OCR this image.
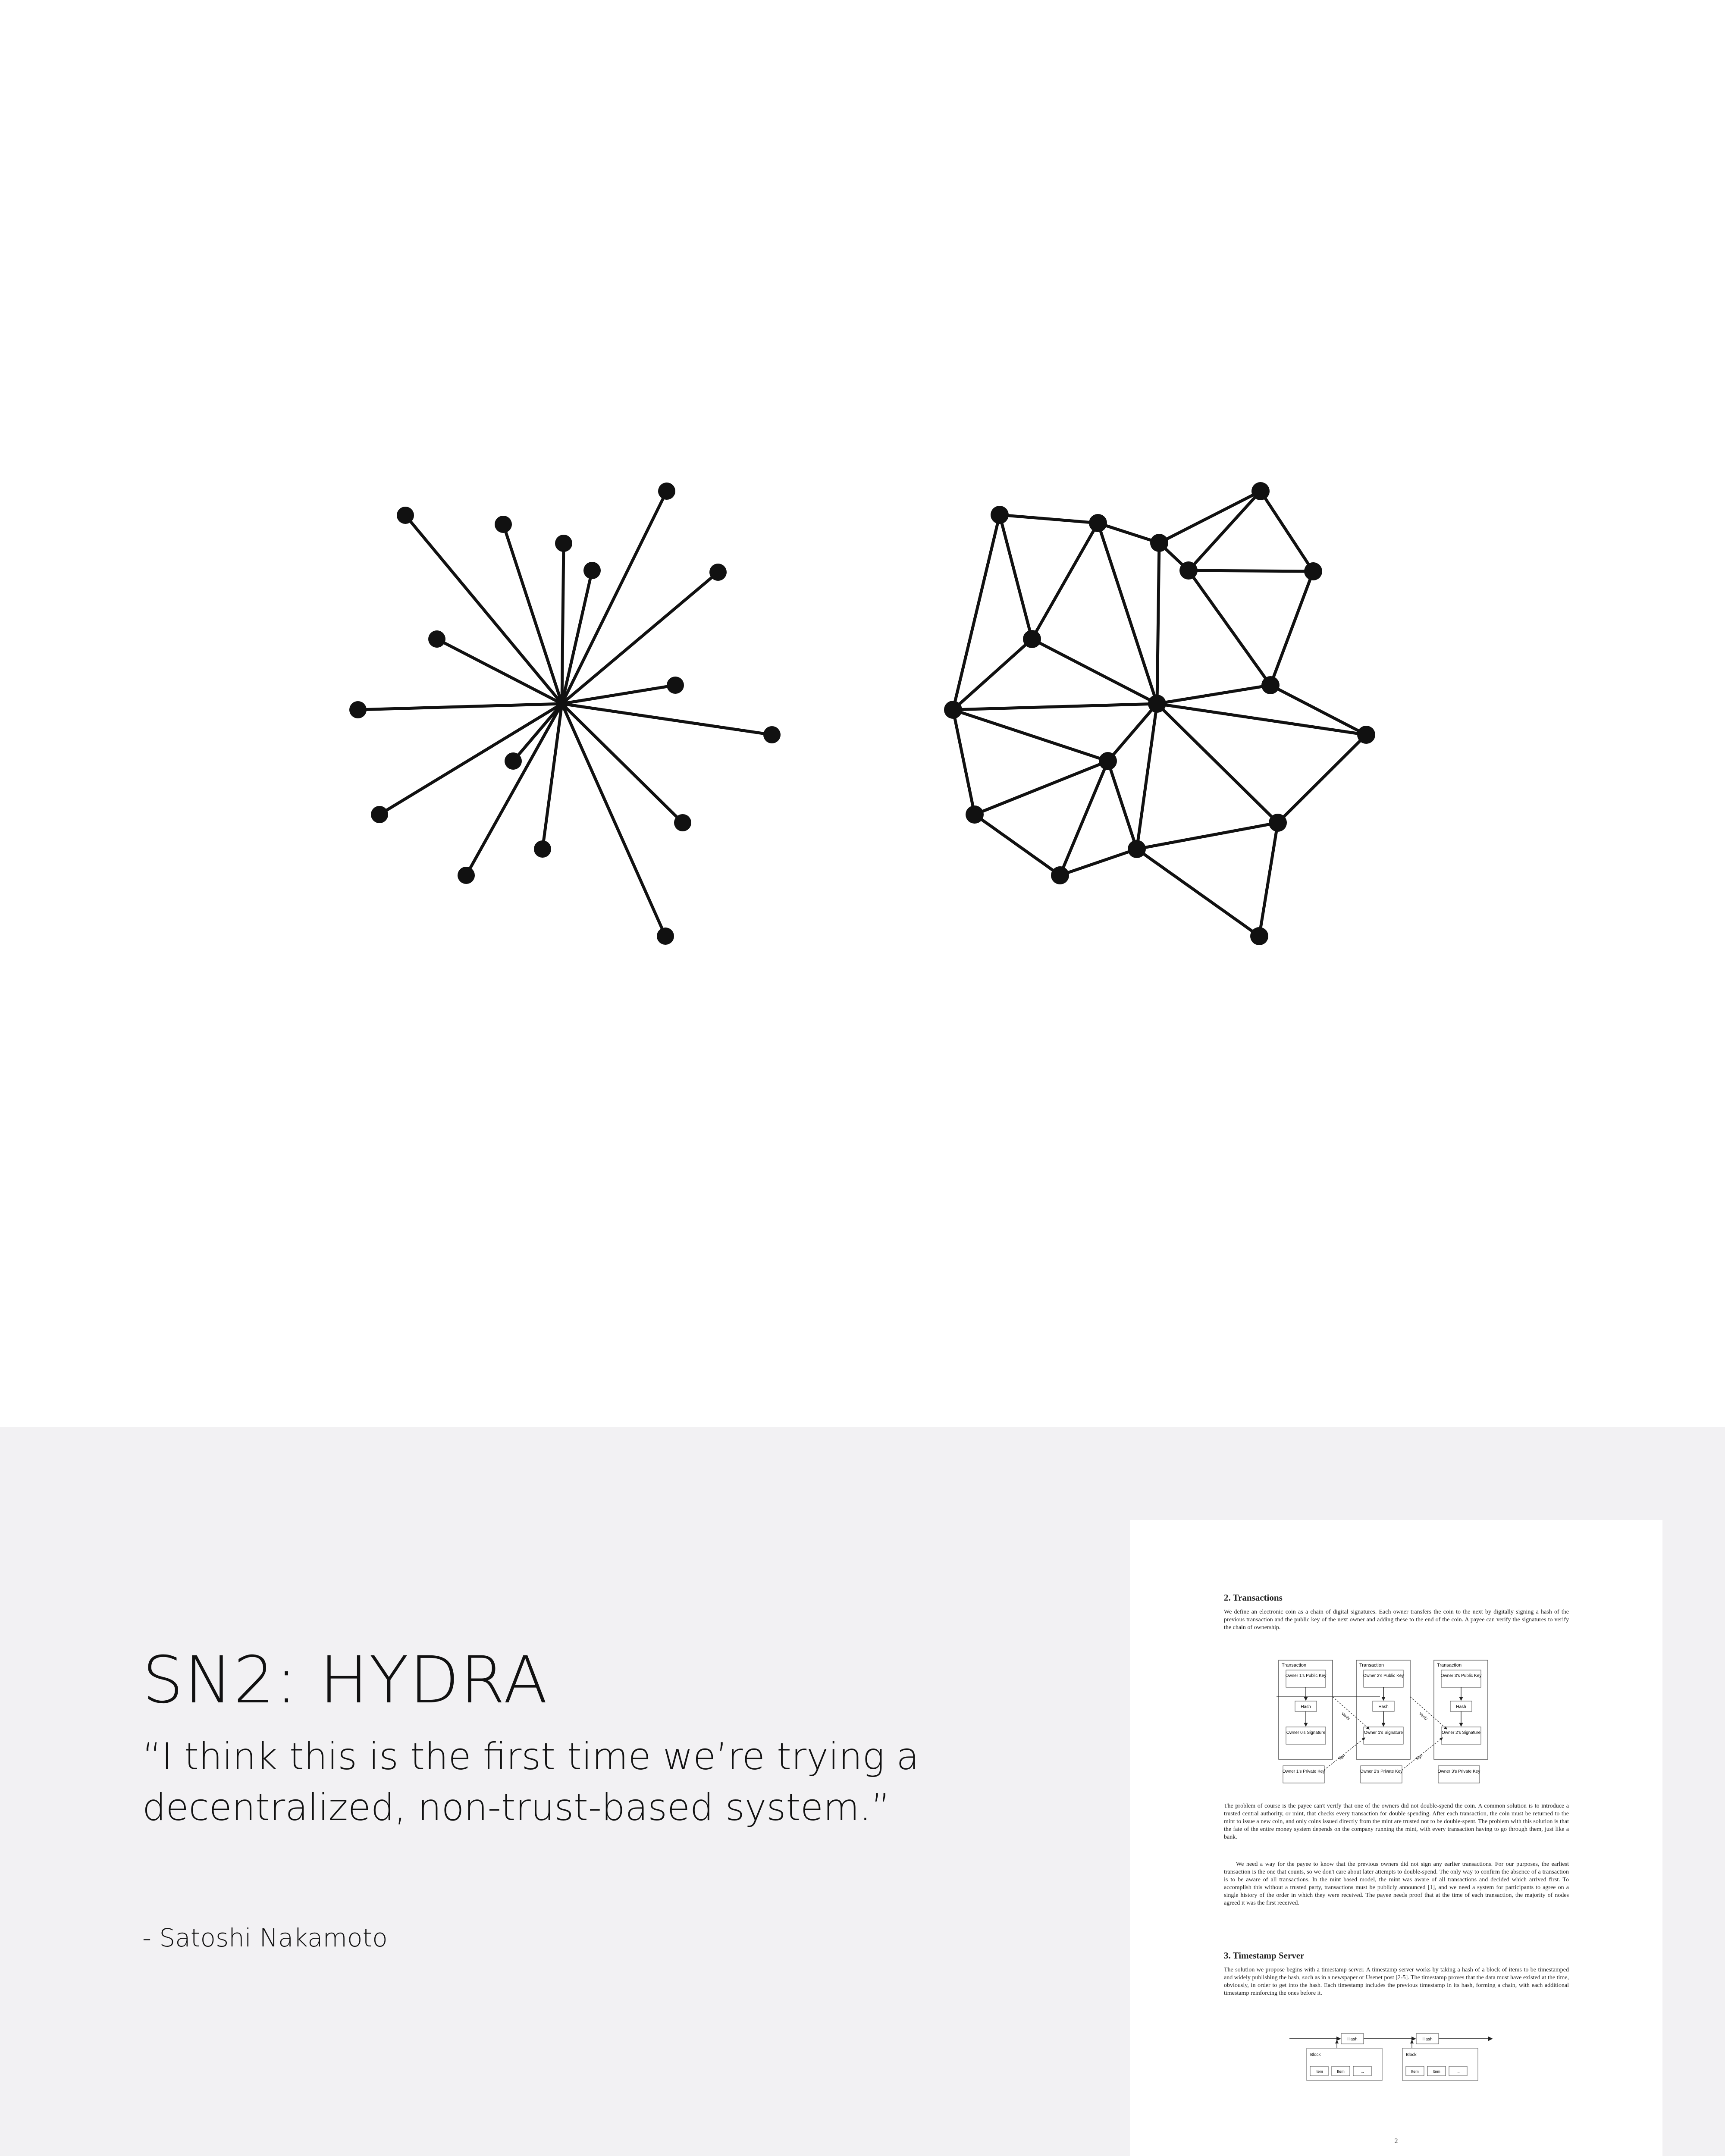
SN2: HYDRA
“I think this is the first time we’re trying a
decentralized, non-trust-based system.”
- Satoshi Nakamoto
2. Transactions
We define an electronic coin as a chain of digital signatures. Each owner transfers the coin to the next by digitally signing a hash of the previous transaction and the public key of the next owner and adding these to the end of the coin. A payee can verify the signatures to verify the chain of ownership.
Transaction	Transaction	Transaction
Owner 1's Public Key	Owner 2's Public Key	Owner 3's Public Key
Hash	Hash	Hash
Owner 0's Signature	Owner 1's Signature	Owner 2's Signature
Verify	Verify
Sign	Sign
Owner 1's Private Key	Owner 2's Private Key	Owner 3's Private Key
The problem of course is the payee can't verify that one of the owners did not double-spend the coin. A common solution is to introduce a trusted central authority, or mint, that checks every transaction for double spending. After each transaction, the coin must be returned to the mint to issue a new coin, and only coins issued directly from the mint are trusted not to be double-spent. The problem with this solution is that the fate of the entire money system depends on the company running the mint, with every transaction having to go through them, just like a bank.
We need a way for the payee to know that the previous owners did not sign any earlier transactions. For our purposes, the earliest transaction is the one that counts, so we don't care about later attempts to double-spend. The only way to confirm the absence of a transaction is to be aware of all transactions. In the mint based model, the mint was aware of all transactions and decided which arrived first. To accomplish this without a trusted party, transactions must be publicly announced [1], and we need a system for participants to agree on a single history of the order in which they were received. The payee needs proof that at the time of each transaction, the majority of nodes agreed it was the first received.
3. Timestamp Server
The solution we propose begins with a timestamp server. A timestamp server works by taking a hash of a block of items to be timestamped and widely publishing the hash, such as in a newspaper or Usenet post [2-5]. The timestamp proves that the data must have existed at the time, obviously, in order to get into the hash. Each timestamp includes the previous timestamp in its hash, forming a chain, with each additional timestamp reinforcing the ones before it.
Hash	Hash
Block
Item	Item	...
Block
Item	Item	...
2
